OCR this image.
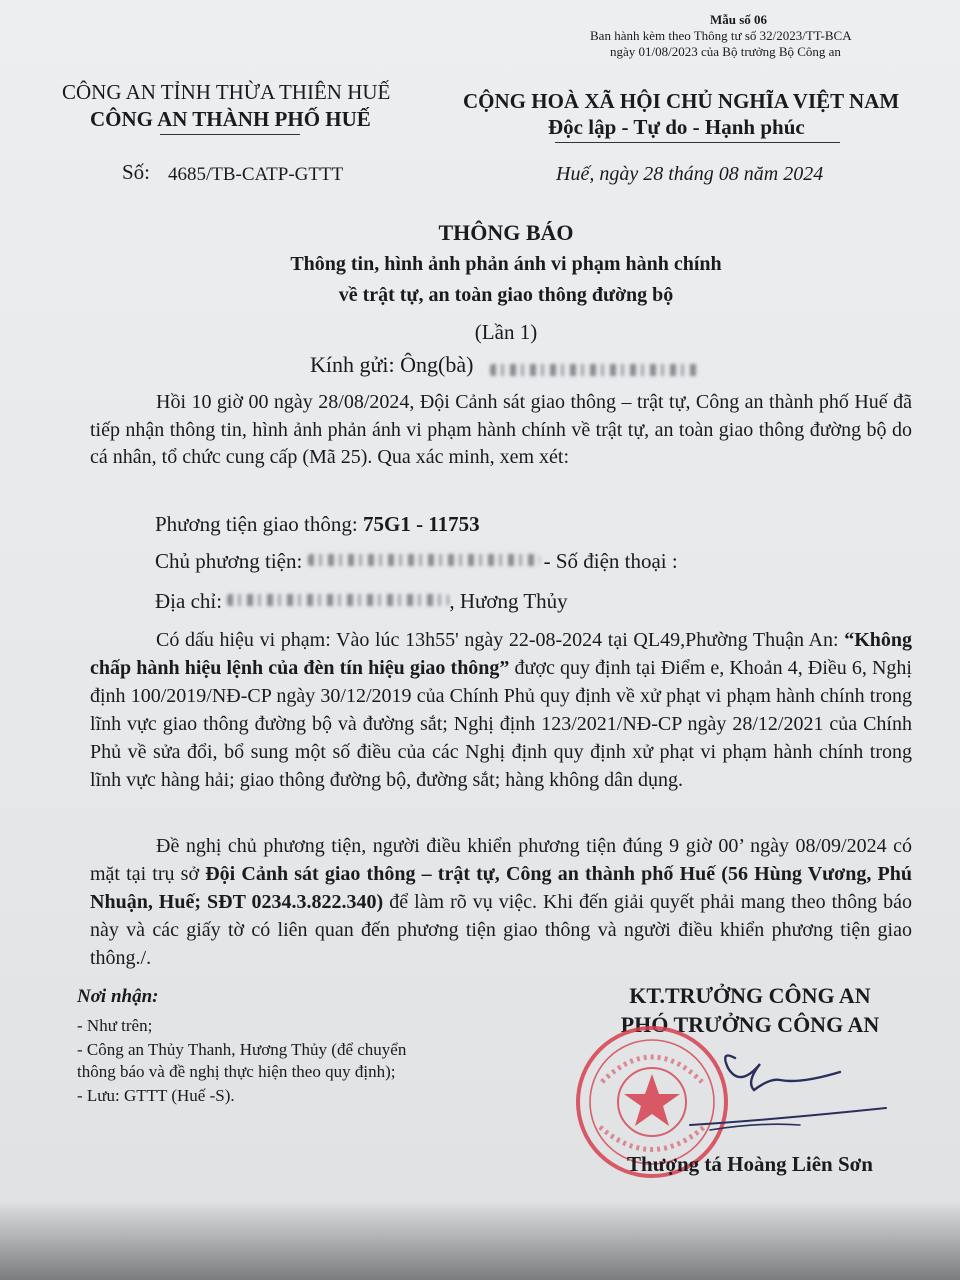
Mẫu số 06
Ban hành kèm theo Thông tư số 32/2023/TT-BCA
ngày 01/08/2023 của Bộ trưởng Bộ Công an
CÔNG AN TỈNH THỪA THIÊN HUẾ
CÔNG AN THÀNH PHỐ HUẾ
CỘNG HOÀ XÃ HỘI CHỦ NGHĨA VIỆT NAM
Độc lập - Tự do - Hạnh phúc
Số: 4685/TB-CATP-GTTT	Huế, ngày 28 tháng 08 năm 2024
THÔNG BÁO
Thông tin, hình ảnh phản ánh vi phạm hành chính
về trật tự, an toàn giao thông đường bộ
(Lần 1)
Kính gửi: Ông(bà)
Hồi 10 giờ 00 ngày 28/08/2024, Đội Cảnh sát giao thông – trật tự, Công an thành phố Huế đã tiếp nhận thông tin, hình ảnh phản ánh vi phạm hành chính về trật tự, an toàn giao thông đường bộ do cá nhân, tổ chức cung cấp (Mã 25). Qua xác minh, xem xét:
Phương tiện giao thông: 75G1 - 11753
Chủ phương tiện:	- Số điện thoại :
Địa chỉ:	, Hương Thủy
Có dấu hiệu vi phạm: Vào lúc 13h55' ngày 22-08-2024 tại QL49,Phường Thuận An: “Không chấp hành hiệu lệnh của đèn tín hiệu giao thông” được quy định tại Điểm e, Khoản 4, Điều 6, Nghị định 100/2019/NĐ-CP ngày 30/12/2019 của Chính Phủ quy định về xử phạt vi phạm hành chính trong lĩnh vực giao thông đường bộ và đường sắt; Nghị định 123/2021/NĐ-CP ngày 28/12/2021 của Chính Phủ về sửa đổi, bổ sung một số điều của các Nghị định quy định xử phạt vi phạm hành chính trong lĩnh vực hàng hải; giao thông đường bộ, đường sắt; hàng không dân dụng.
Đề nghị chủ phương tiện, người điều khiển phương tiện đúng 9 giờ 00’ ngày 08/09/2024 có mặt tại trụ sở Đội Cảnh sát giao thông – trật tự, Công an thành phố Huế (56 Hùng Vương, Phú Nhuận, Huế; SĐT 0234.3.822.340) để làm rõ vụ việc. Khi đến giải quyết phải mang theo thông báo này và các giấy tờ có liên quan đến phương tiện giao thông và người điều khiển phương tiện giao thông./.
Nơi nhận:
- Như trên;
- Công an Thủy Thanh, Hương Thủy (để chuyển
thông báo và đề nghị thực hiện theo quy định);
- Lưu: GTTT (Huế -S).
KT.TRƯỞNG CÔNG AN
PHÓ TRƯỞNG CÔNG AN
Thượng tá Hoàng Liên Sơn
